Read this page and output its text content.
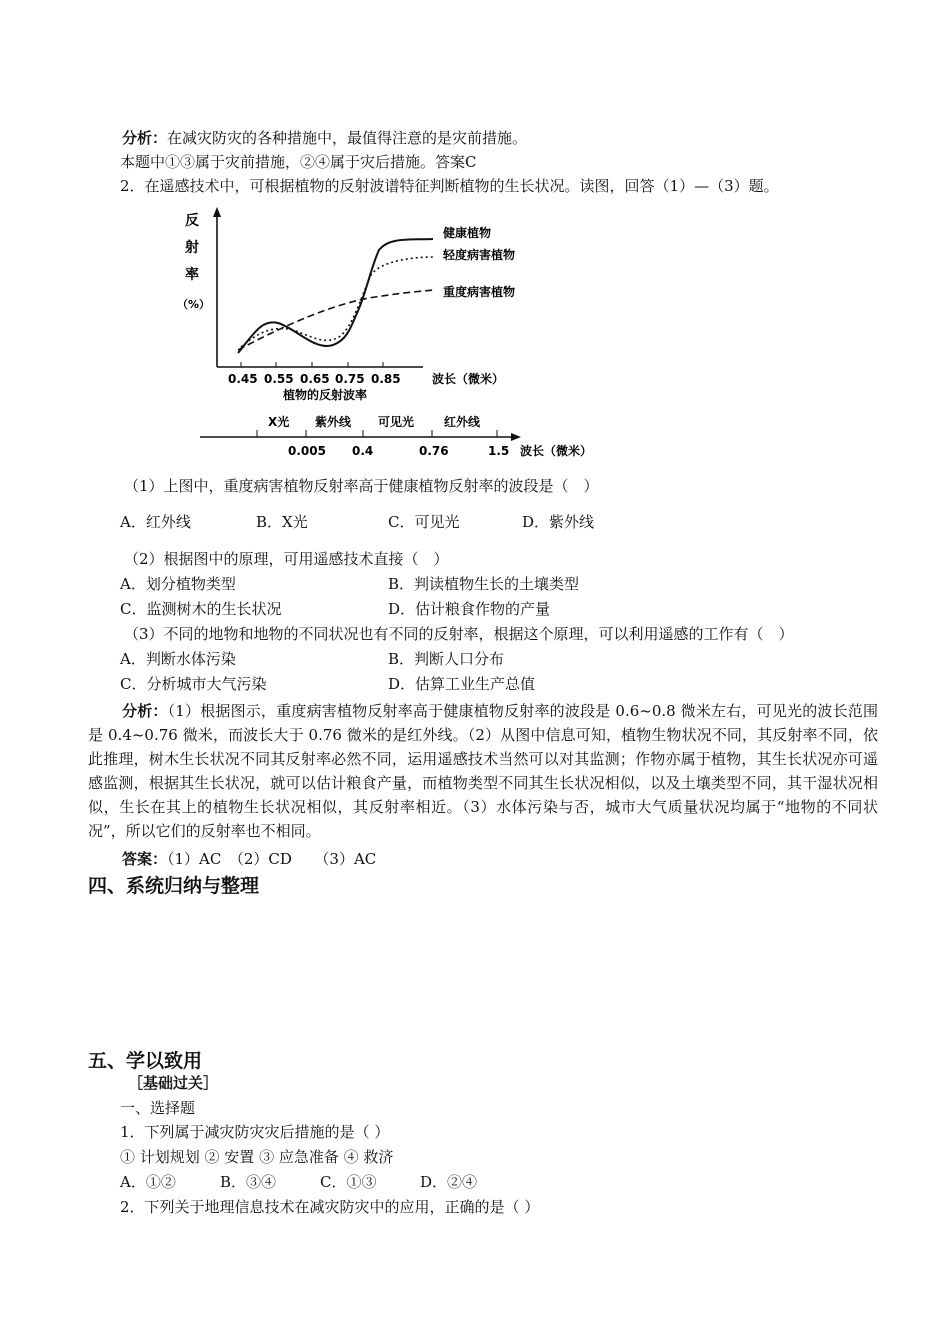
分析：在减灾防灾的各种措施中，最值得注意的是灾前措施。
本题中①③属于灾前措施，②④属于灾后措施。答案C
2．在遥感技术中，可根据植物的反射波谱特征判断植物的生长状况。读图，回答（1）—（3）题。
反
射
率
（%）
0.45 0.55 0.65 0.75 0.85	波长（微米）
植物的反射波率
健康植物
轻度病害植物
重度病害植物
X光 紫外线 可见光 红外线
0.005 0.4	0.76	1.5 波长（微米）
（1）上图中，重度病害植物反射率高于健康植物反射率的波段是（　）
A．红外线	B．X光	C．可见光	D．紫外线
（2）根据图中的原理，可用遥感技术直接（　）
A．划分植物类型	B．判读植物生长的土壤类型
C．监测树木的生长状况	D．估计粮食作物的产量
（3）不同的地物和地物的不同状况也有不同的反射率，根据这个原理，可以利用遥感的工作有（　）
A．判断水体污染	B．判断人口分布
C．分析城市大气污染	D．估算工业生产总值
分析：（1）根据图示，重度病害植物反射率高于健康植物反射率的波段是 0.6~0.8 微米左右，可见光的波长范围是 0.4~0.76 微米，而波长大于 0.76 微米的是红外线。（2）从图中信息可知，植物生物状况不同，其反射率不同，依此推理，树木生长状况不同其反射率必然不同，运用遥感技术当然可以对其监测；作物亦属于植物，其生长状况亦可遥感监测，根据其生长状况，就可以估计粮食产量，而植物类型不同其生长状况相似，以及土壤类型不同，其干湿状况相似，生长在其上的植物生长状况相似，其反射率相近。（3）水体污染与否，城市大气质量状况均属于“地物的不同状况”，所以它们的反射率也不相同。
答案：（1）AC　（2）CD　　（3）AC
四、系统归纳与整理
五、学以致用
［基础过关］
一、选择题
1．下列属于减灾防灾灾后措施的是（ ）
① 计划规划 ② 安置 ③ 应急准备 ④ 救济
A．①②	B．③④	C．①③	D．②④
2．下列关于地理信息技术在减灾防灾中的应用，正确的是（ ）
